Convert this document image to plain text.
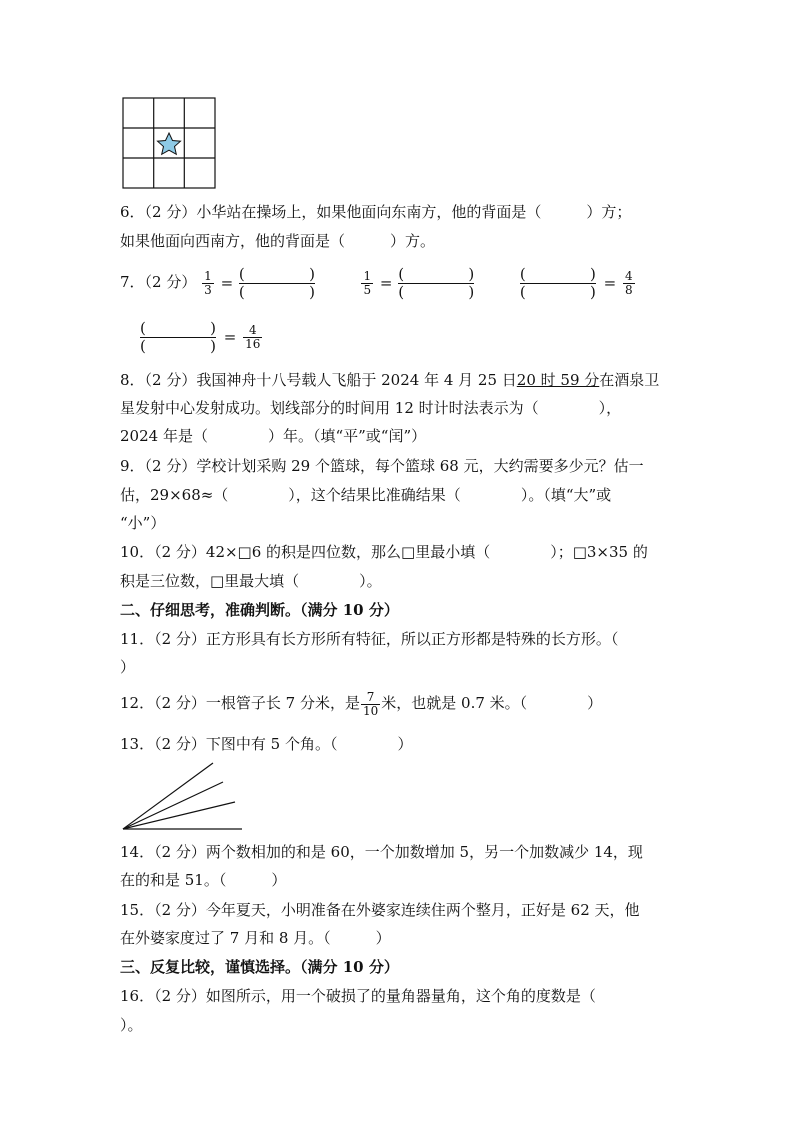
6．（2 分）小华站在操场上，如果他面向东南方，他的背面是（　　　）方；
如果他面向西南方，他的背面是（　　　）方。
7．（2 分） $\frac{1}{3}$ =
(	)
(	)
	$\frac{1}{5}$ =
(	)
(	)

(	)
(	) = $\frac{4}{8}$
(	)
(	) = $\frac{4}{16}$
8．（2 分）我国神舟十八号载人飞船于 2024 年 4 月 25 日20 时 59 分在酒泉卫
星发射中心发射成功。划线部分的时间用 12 时计时法表示为（　　　　），
2024 年是（　　　　）年。（填“平”或“闰”）
9．（2 分）学校计划采购 29 个篮球，每个篮球 68 元，大约需要多少元？估一
估，29×68≈（　　　　），这个结果比准确结果（　　　　）。（填“大”或
“小”）
10．（2 分）42×□6 的积是四位数，那么□里最小填（　　　　）；□3×35 的
积是三位数，□里最大填（　　　　）。
二、仔细思考，准确判断。（满分 10 分）
11．（2 分）正方形具有长方形所有特征，所以正方形都是特殊的长方形。（
）
12．（2 分）一根管子长 7 分米，是 $\frac{7}{10}$ 米，也就是 0.7 米。（　　　　）
13．（2 分）下图中有 5 个角。（　　　　）
14．（2 分）两个数相加的和是 60，一个加数增加 5，另一个加数减少 14，现
在的和是 51。（　　　）
15．（2 分）今年夏天，小明准备在外婆家连续住两个整月，正好是 62 天，他
在外婆家度过了 7 月和 8 月。（　　　）
三、反复比较，谨慎选择。（满分 10 分）
16．（2 分）如图所示，用一个破损了的量角器量角，这个角的度数是（
）。
